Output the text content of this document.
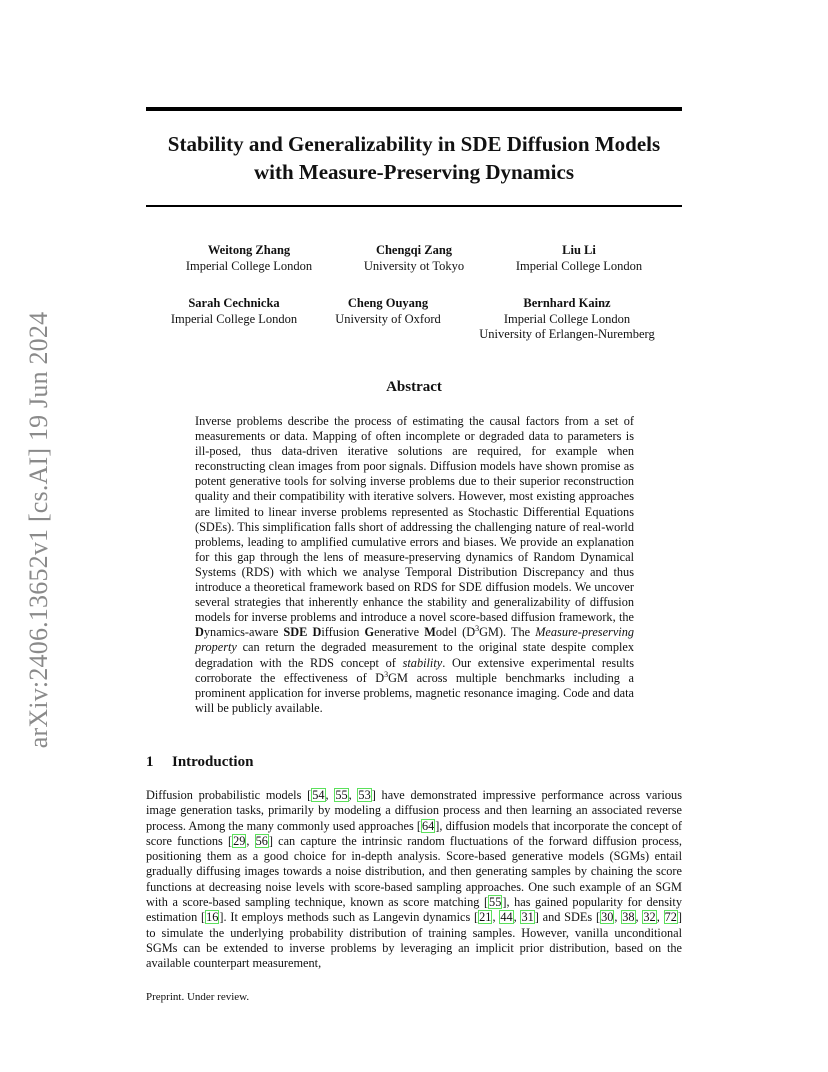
arXiv:2406.13652v1 [cs.AI] 19 Jun 2024
Stability and Generalizability in SDE Diffusion Models
with Measure-Preserving Dynamics
Weitong Zhang
Imperial College London
Chengqi Zang
University ot Tokyo
Liu Li
Imperial College London
Sarah Cechnicka
Imperial College London
Cheng Ouyang
University of Oxford
Bernhard Kainz
Imperial College London
University of Erlangen-Nuremberg
Abstract

Inverse problems describe the process of estimating the causal factors from a set of measurements or data. Mapping of often incomplete or degraded data to parameters is ill-posed, thus data-driven iterative solutions are required, for example when reconstructing clean images from poor signals. Diffusion models have shown promise as potent generative tools for solving inverse problems due to their superior reconstruction quality and their compatibility with iterative solvers. However, most existing approaches are limited to linear inverse problems represented as Stochastic Differential Equations (SDEs). This simplification falls short of addressing the challenging nature of real-world problems, leading to amplified cumulative errors and biases. We provide an explanation for this gap through the lens of measure-preserving dynamics of Random Dynamical Systems (RDS) with which we analyse Temporal Distribution Discrepancy and thus introduce a theoretical framework based on RDS for SDE diffusion models. We uncover several strategies that inherently enhance the stability and generalizability of diffusion models for inverse problems and introduce a novel score-based diffusion framework, the Dynamics-aware SDE Diffusion Generative Model $(D^3GM)$. The Measure-preserving property can return the degraded measurement to the original state despite complex degradation with the RDS concept of stability. Our extensive experimental results corroborate the effectiveness of $D^3GM$ across multiple benchmarks including a prominent application for inverse problems, magnetic resonance imaging. Code and data will be publicly available.

1 Introduction

Diffusion probabilistic models [54, 55, 53] have demonstrated impressive performance across various image generation tasks, primarily by modeling a diffusion process and then learning an associated reverse process. Among the many commonly used approaches [64], diffusion models that incorporate the concept of score functions [29, 56] can capture the intrinsic random fluctuations of the forward diffusion process, positioning them as a good choice for in-depth analysis. Score-based generative models (SGMs) entail gradually diffusing images towards a noise distribution, and then generating samples by chaining the score functions at decreasing noise levels with score-based sampling approaches. One such example of an SGM with a score-based sampling technique, known as score matching [55], has gained popularity for density estimation [16]. It employs methods such as Langevin dynamics [21, 44, 31] and SDEs [30, 38, 32, 72] to simulate the underlying probability distribution of training samples. However, vanilla unconditional SGMs can be extended to inverse problems by leveraging an implicit prior distribution, based on the available counterpart measurement,

Preprint. Under review.
